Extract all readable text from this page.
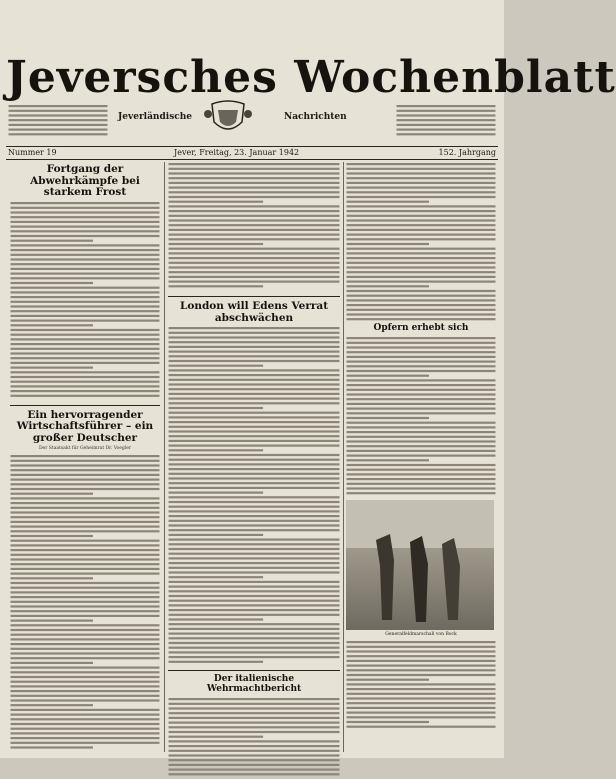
Jeversches Wochenblatt
Jeverländische	Nachrichten
Nummer 19	Jever, Freitag, 23. Januar 1942	152. Jahrgang
Fortgang der Abwehrkämpfe bei starkem Frost
Ein hervorragender Wirtschaftsführer – ein großer Deutscher
Der Staatsakt für Geheimrat Dr. Voegler
London will Edens Verrat abschwächen
Der italienische Wehrmachtbericht
Opfern erhebt sich
Generalfeldmarschall von Bock
